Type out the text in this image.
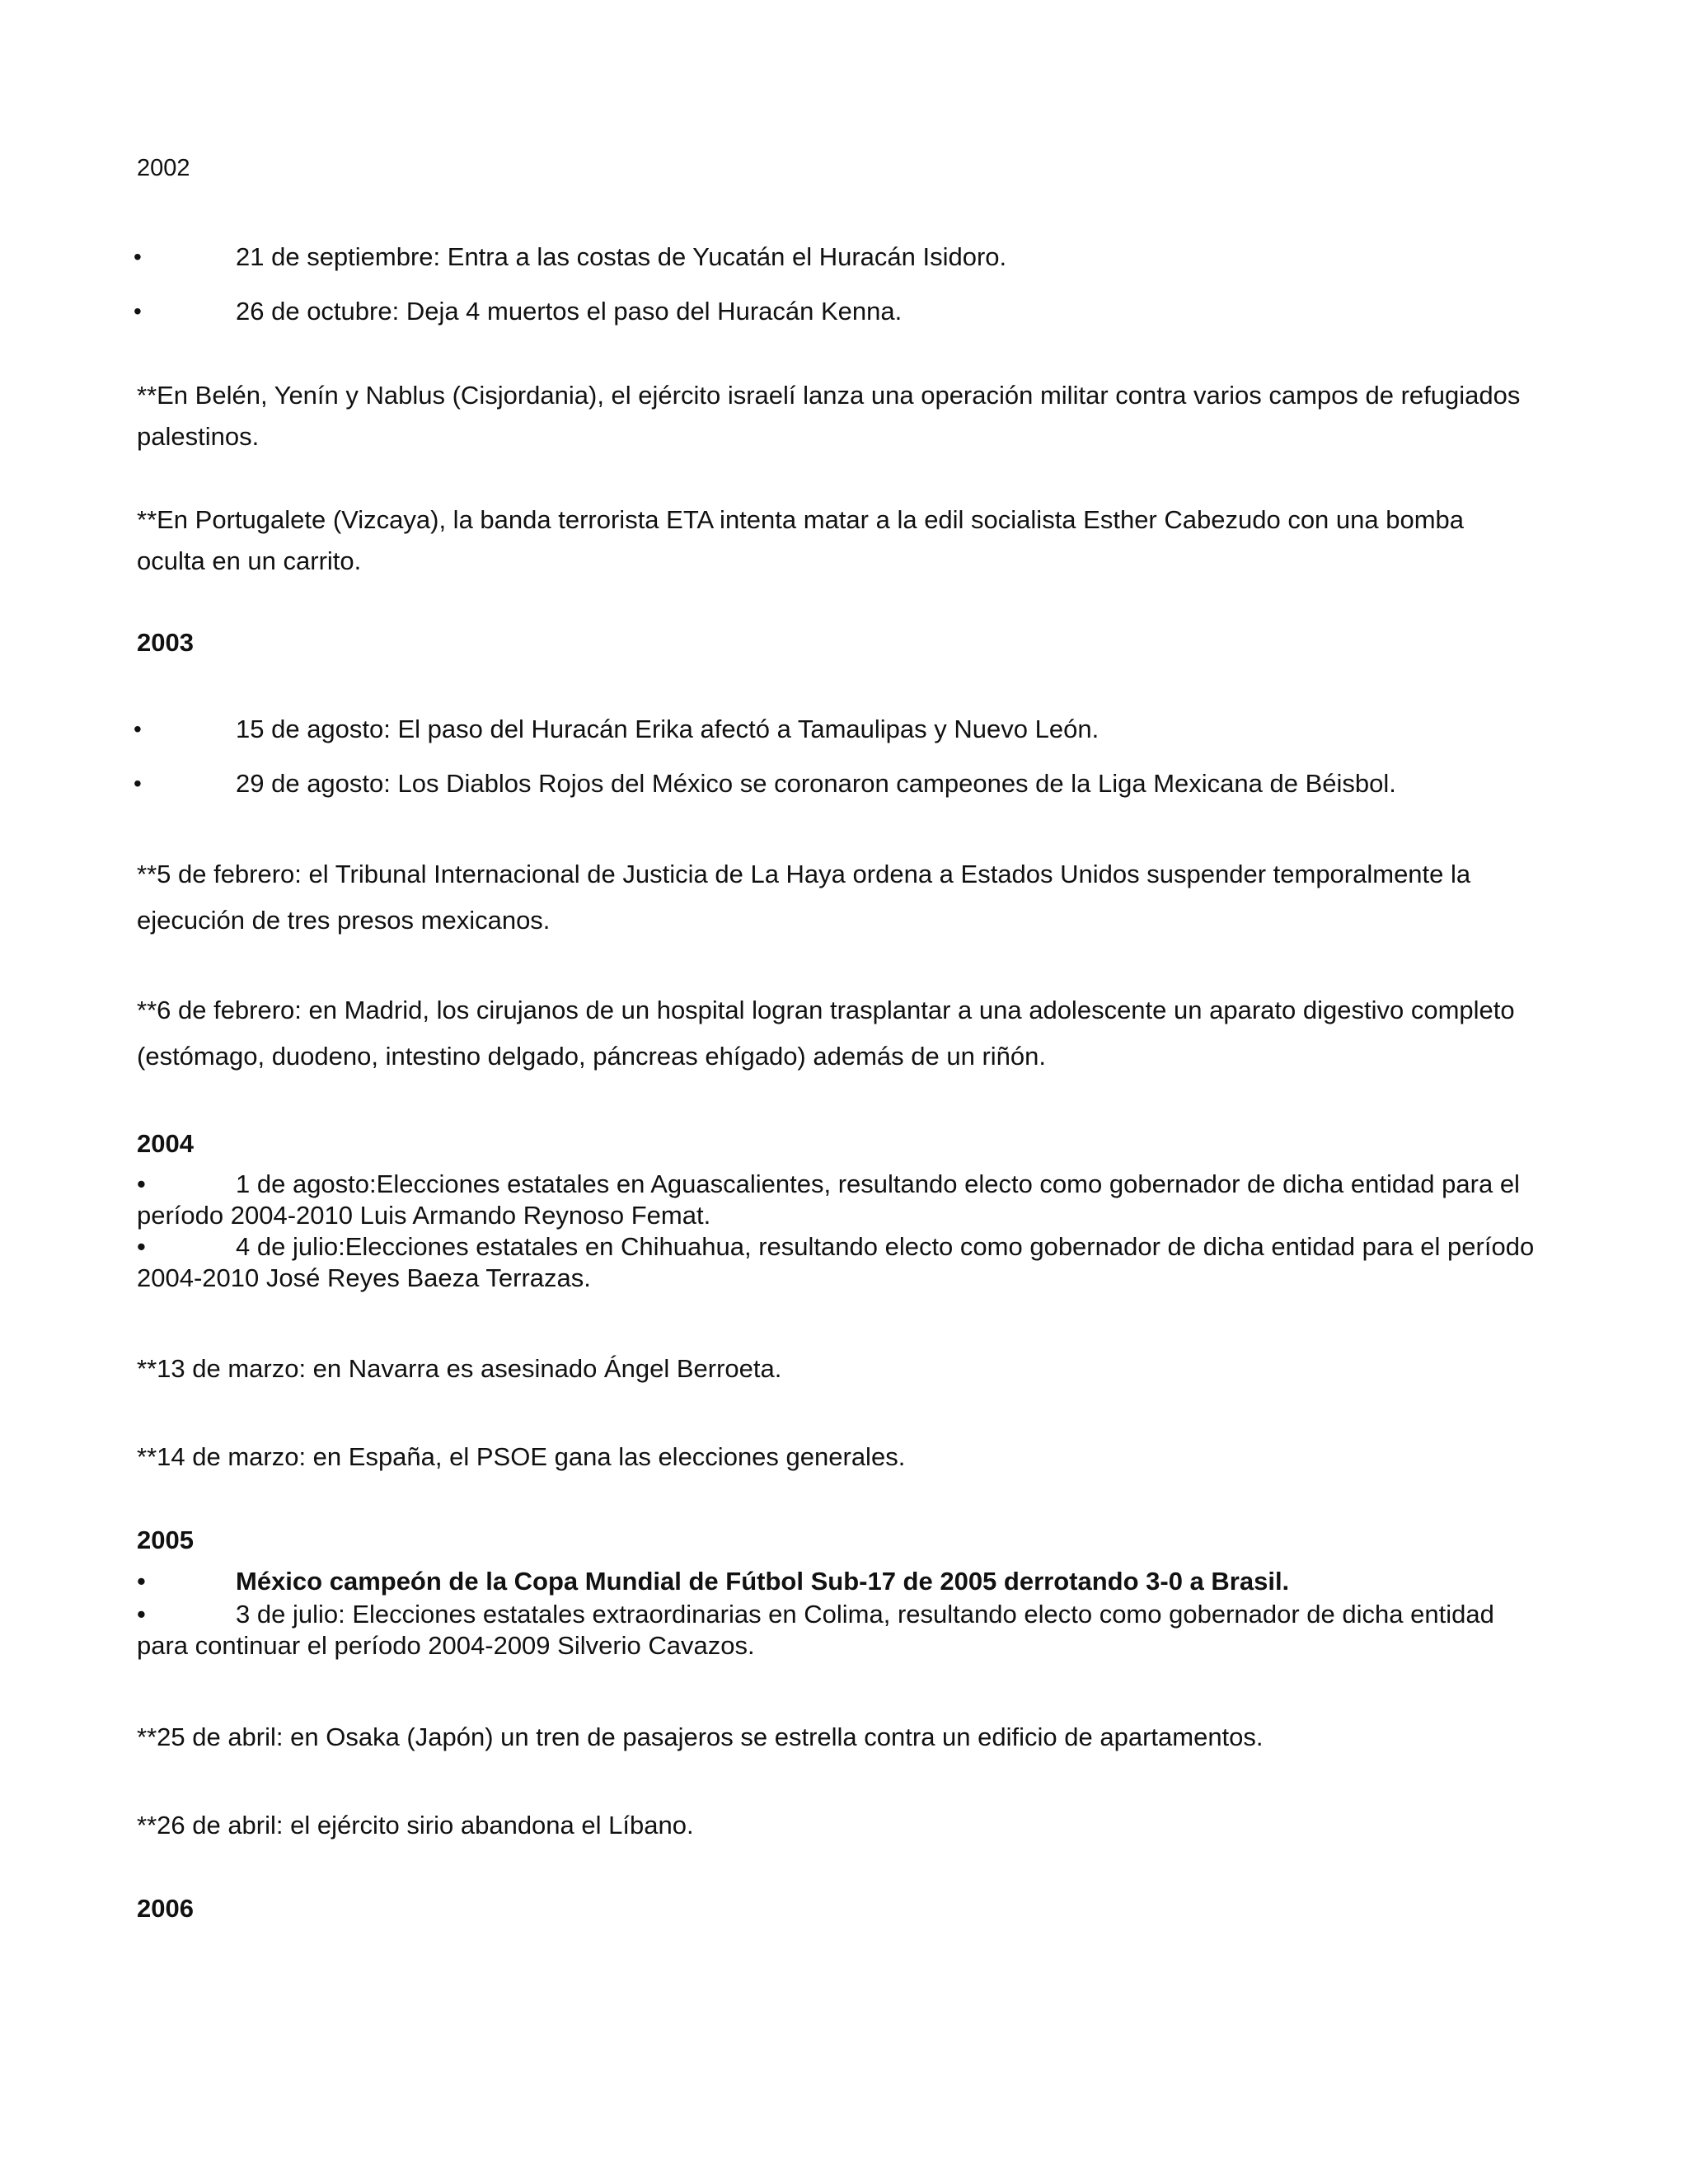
2002
•	21 de septiembre: Entra a las costas de Yucatán el Huracán Isidoro.
•	26 de octubre: Deja 4 muertos el paso del Huracán Kenna.
**En Belén, Yenín y Nablus (Cisjordania), el ejército israelí lanza una operación militar contra varios campos de refugiados palestinos.
**En Portugalete (Vizcaya), la banda terrorista ETA intenta matar a la edil socialista Esther Cabezudo con una bomba oculta en un carrito.
2003
•	15 de agosto: El paso del Huracán Erika afectó a Tamaulipas y Nuevo León.
•	29 de agosto: Los Diablos Rojos del México se coronaron campeones de la Liga Mexicana de Béisbol.
**5 de febrero: el Tribunal Internacional de Justicia de La Haya ordena a Estados Unidos suspender temporalmente la ejecución de tres presos mexicanos.
**6 de febrero: en Madrid, los cirujanos de un hospital logran trasplantar a una adolescente un aparato digestivo completo (estómago, duodeno, intestino delgado, páncreas ehígado) además de un riñón.
2004
•	1 de agosto:Elecciones estatales en Aguascalientes, resultando electo como gobernador de dicha entidad para el período 2004-2010 Luis Armando Reynoso Femat.
•	4 de julio:Elecciones estatales en Chihuahua, resultando electo como gobernador de dicha entidad para el período 2004-2010 José Reyes Baeza Terrazas.
**13 de marzo: en Navarra es asesinado Ángel Berroeta.
**14 de marzo: en España, el PSOE gana las elecciones generales.
2005
•	México campeón de la Copa Mundial de Fútbol Sub-17 de 2005 derrotando 3-0 a Brasil.
•	3 de julio: Elecciones estatales extraordinarias en Colima, resultando electo como gobernador de dicha entidad para continuar el período 2004-2009 Silverio Cavazos.
**25 de abril: en Osaka (Japón) un tren de pasajeros se estrella contra un edificio de apartamentos.
**26 de abril: el ejército sirio abandona el Líbano.
2006
